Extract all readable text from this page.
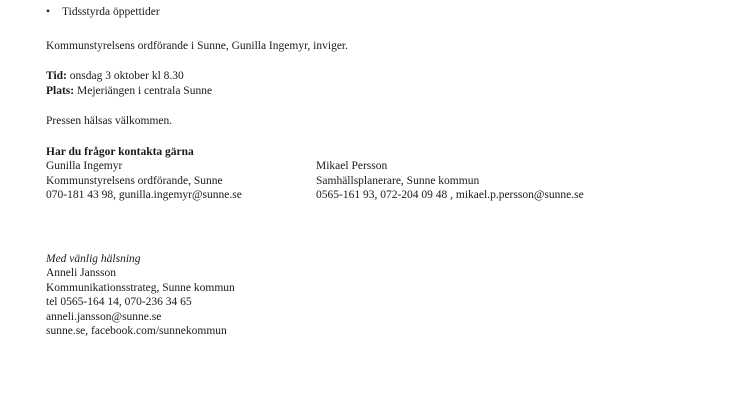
• Tidsstyrda öppettider

Kommunstyrelsens ordförande i Sunne, Gunilla Ingemyr, inviger.

Tid: onsdag 3 oktober kl 8.30
Plats: Mejeriängen i centrala Sunne

Pressen hälsas välkommen.

Har du frågor kontakta gärna
Gunilla Ingemyr
Kommunstyrelsens ordförande, Sunne
070-181 43 98, gunilla.ingemyr@sunne.se
Mikael Persson
Samhällsplanerare, Sunne kommun
0565-161 93, 072-204 09 48 , mikael.p.persson@sunne.se
Med vänlig hälsning
Anneli Jansson
Kommunikationsstrateg, Sunne kommun
tel 0565-164 14, 070-236 34 65
anneli.jansson@sunne.se
sunne.se, facebook.com/sunnekommun
